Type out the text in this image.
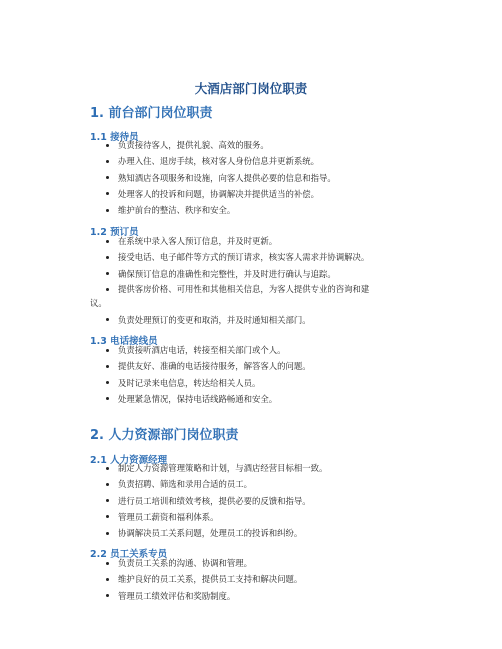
大酒店部门岗位职责
1. 前台部门岗位职责
1.1 接待员
负责接待客人，提供礼貌、高效的服务。
办理入住、退房手续，核对客人身份信息并更新系统。
熟知酒店各项服务和设施，向客人提供必要的信息和指导。
处理客人的投诉和问题，协调解决并提供适当的补偿。
维护前台的整洁、秩序和安全。
1.2 预订员
在系统中录入客人预订信息，并及时更新。
接受电话、电子邮件等方式的预订请求，核实客人需求并协调解决。
确保预订信息的准确性和完整性，并及时进行确认与追踪。
提供客房价格、可用性和其他相关信息，为客人提供专业的咨询和建
议。
负责处理预订的变更和取消，并及时通知相关部门。
1.3 电话接线员
负责接听酒店电话，转接至相关部门或个人。
提供友好、准确的电话接待服务，解答客人的问题。
及时记录来电信息，转达给相关人员。
处理紧急情况，保持电话线路畅通和安全。
2. 人力资源部门岗位职责
2.1 人力资源经理
制定人力资源管理策略和计划，与酒店经营目标相一致。
负责招聘、筛选和录用合适的员工。
进行员工培训和绩效考核，提供必要的反馈和指导。
管理员工薪资和福利体系。
协调解决员工关系问题，处理员工的投诉和纠纷。
2.2 员工关系专员
负责员工关系的沟通、协调和管理。
维护良好的员工关系，提供员工支持和解决问题。
管理员工绩效评估和奖励制度。
